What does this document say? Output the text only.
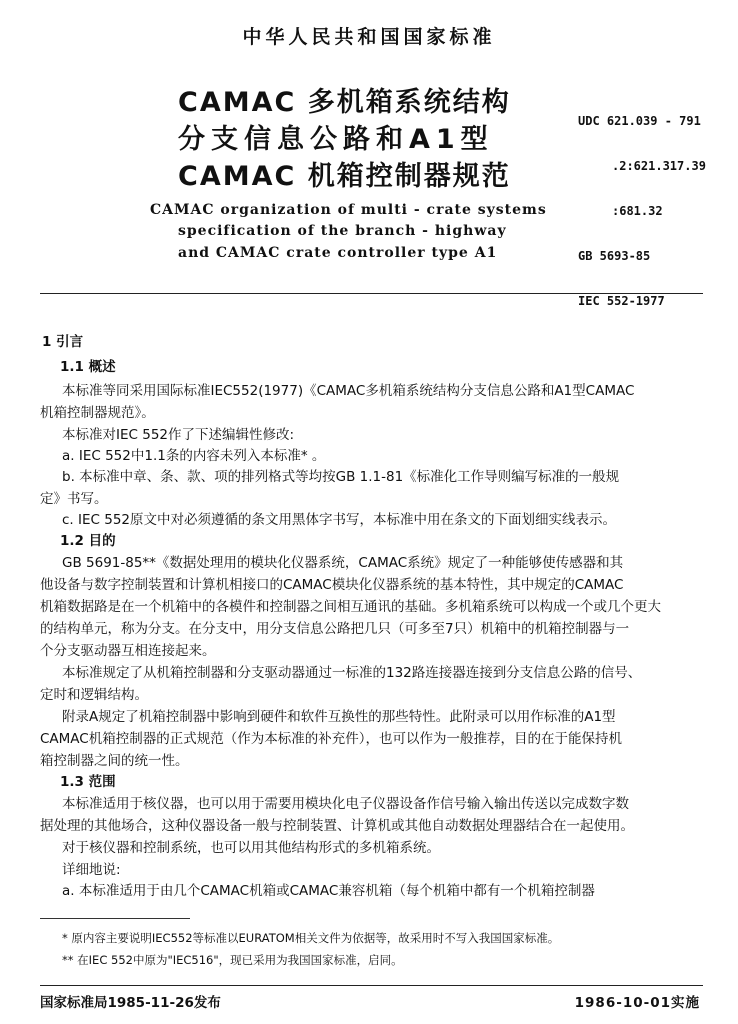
中华人民共和国国家标准
CAMAC 多机箱系统结构
分支信息公路和A1型
CAMAC 机箱控制器规范
CAMAC organization of multi - crate systems
specification of the branch - highway
and CAMAC crate controller type A1

UDC 621.039 - 791

.2:621.317.39

:681.32

GB 5693-85

IEC 552-1977

1 引言
1.1 概述
本标准等同采用国际标准IEC552(1977)《CAMAC多机箱系统结构分支信息公路和A1型CAMAC
机箱控制器规范》。
本标准对IEC 552作了下述编辑性修改:
a. IEC 552中1.1条的内容未列入本标准* 。
b. 本标准中章、条、款、项的排列格式等均按GB 1.1-81《标准化工作导则编写标准的一般规
定》书写。
c. IEC 552原文中对必须遵循的条文用黑体字书写，本标准中用在条文的下面划细实线表示。
1.2 目的
GB 5691-85**《数据处理用的模块化仪器系统，CAMAC系统》规定了一种能够使传感器和其
他设备与数字控制装置和计算机相接口的CAMAC模块化仪器系统的基本特性，其中规定的CAMAC
机箱数据路是在一个机箱中的各模件和控制器之间相互通讯的基础。多机箱系统可以构成一个或几个更大
的结构单元，称为分支。在分支中，用分支信息公路把几只（可多至7只）机箱中的机箱控制器与一
个分支驱动器互相连接起来。
本标准规定了从机箱控制器和分支驱动器通过一标准的132路连接器连接到分支信息公路的信号、
定时和逻辑结构。
附录A规定了机箱控制器中影响到硬件和软件互换性的那些特性。此附录可以用作标准的A1型
CAMAC机箱控制器的正式规范（作为本标准的补充件），也可以作为一般推荐，目的在于能保持机
箱控制器之间的统一性。
1.3 范围
本标准适用于核仪器，也可以用于需要用模块化电子仪器设备作信号输入输出传送以完成数字数
据处理的其他场合，这种仪器设备一般与控制装置、计算机或其他自动数据处理器结合在一起使用。
对于核仪器和控制系统，也可以用其他结构形式的多机箱系统。
详细地说:
a. 本标准适用于由几个CAMAC机箱或CAMAC兼容机箱（每个机箱中都有一个机箱控制器
* 原内容主要说明IEC552等标准以EURATOM相关文件为依据等，故采用时不写入我国国家标准。
** 在IEC 552中原为"IEC516"，现已采用为我国国家标准，启同。
国家标准局1985-11-26发布	1986-10-01实施
